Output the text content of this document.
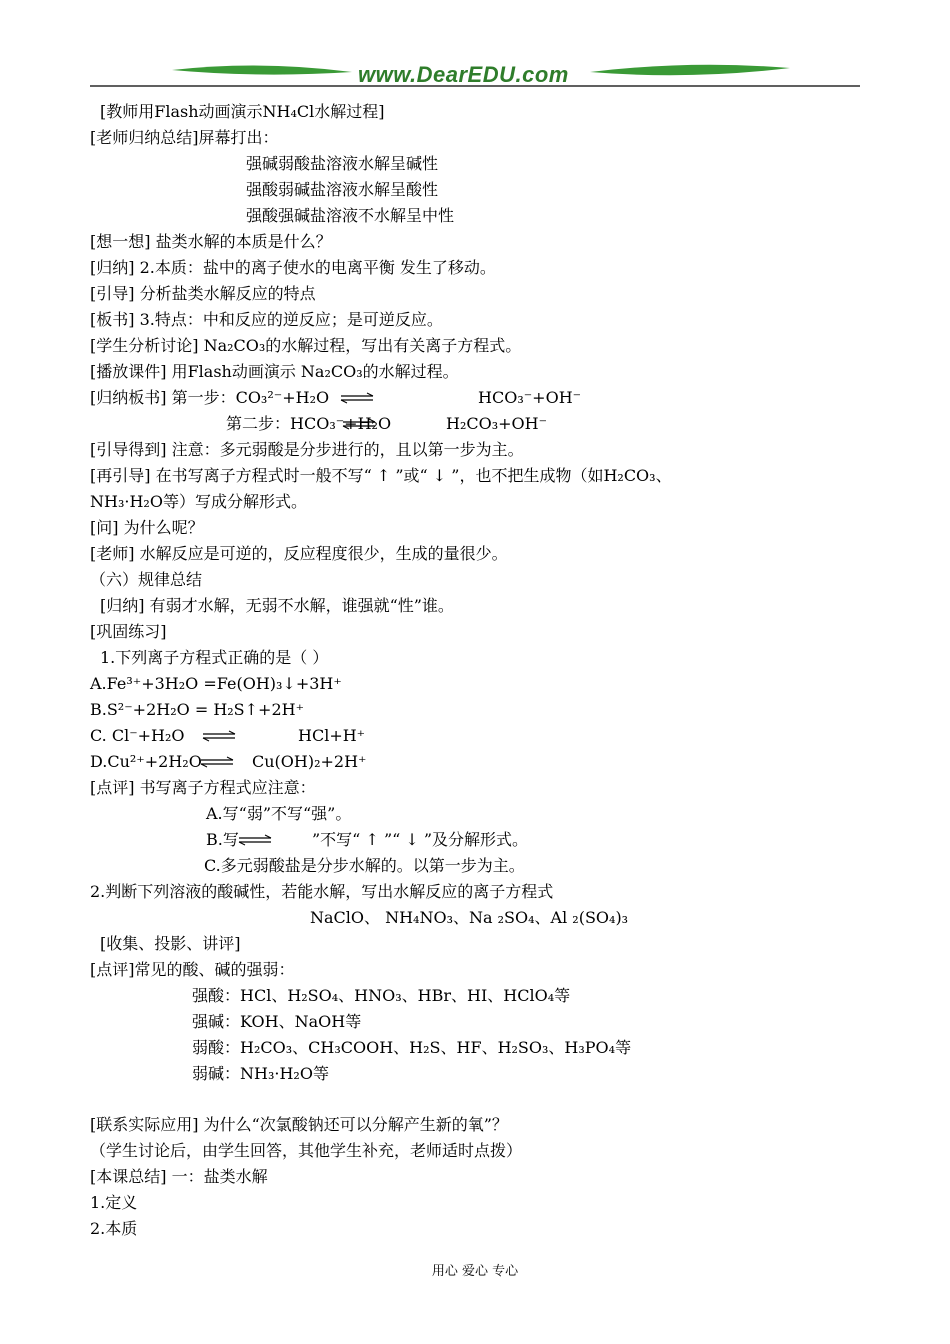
www.DearEDU.com
[教师用Flash动画演示NH₄Cl水解过程]
[老师归纳总结]屏幕打出：
强碱弱酸盐溶液水解呈碱性
强酸弱碱盐溶液水解呈酸性
强酸强碱盐溶液不水解呈中性
[想一想] 盐类水解的本质是什么？
[归纳] 2.本质：盐中的离子使水的电离平衡 发生了移动。
[引导] 分析盐类水解反应的特点
[板书] 3.特点：中和反应的逆反应；是可逆反应。
[学生分析讨论] Na₂CO₃的水解过程，写出有关离子方程式。
[播放课件] 用Flash动画演示 Na₂CO₃的水解过程。
[归纳板书] 第一步：CO₃²⁻+H₂O ⇌	HCO₃⁻+OH⁻
第二步：HCO₃⁻+H₂O	H₂CO₃+OH⁻
[引导得到] 注意：多元弱酸是分步进行的，且以第一步为主。
[再引导] 在书写离子方程式时一般不写“ ↑ ”或“ ↓ ”，也不把生成物（如H₂CO₃、
NH₃·H₂O等）写成分解形式。
[问] 为什么呢？
[老师] 水解反应是可逆的，反应程度很少，生成的量很少。
（六）规律总结
[归纳] 有弱才水解，无弱不水解，谁强就“性”谁。
[巩固练习]
1.下列离子方程式正确的是（ ）
A.Fe³⁺+3H₂O =Fe(OH)₃↓+3H⁺
B.S²⁻+2H₂O = H₂S↑+2H⁺
C. Cl⁻+H₂O ⇌	HCl+H⁺
D.Cu²⁺+2H₂O ⇌ Cu(OH)₂+2H⁺
[点评] 书写离子方程式应注意：
A.写“弱”不写“强”。
B.写 ⇌	”不写“ ↑ ”“ ↓ ”及分解形式。
C.多元弱酸盐是分步水解的。以第一步为主。
2.判断下列溶液的酸碱性，若能水解，写出水解反应的离子方程式
NaClO、 NH₄NO₃、Na ₂SO₄、Al ₂(SO₄)₃
[收集、投影、讲评]
[点评]常见的酸、碱的强弱：
强酸：HCl、H₂SO₄、HNO₃、HBr、HI、HClO₄等
强碱：KOH、NaOH等
弱酸：H₂CO₃、CH₃COOH、H₂S、HF、H₂SO₃、H₃PO₄等
弱碱：NH₃·H₂O等
[联系实际应用] 为什么“次氯酸钠还可以分解产生新的氧”？
（学生讨论后，由学生回答，其他学生补充，老师适时点拨）
[本课总结] 一：盐类水解
1.定义
2.本质
用心 爱心 专心
